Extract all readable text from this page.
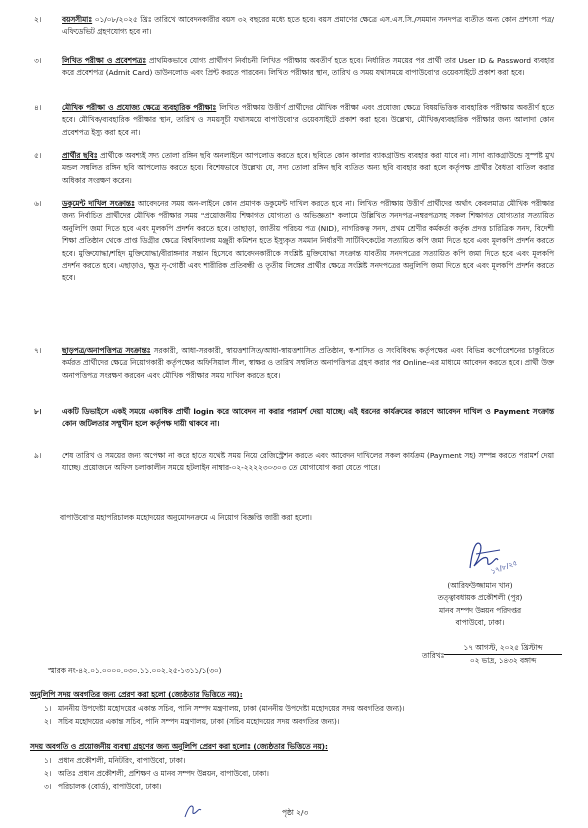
২।	বয়সসীমাঃ ০১/০৮/২০২৫ খ্রিঃ তারিখে আবেদনকারীর বয়স ৩২ বছরের মধ্যে হতে হবে। বয়স প্রমাণের ক্ষেত্রে এস.এস.সি./সমমান সনদপত্র ব্যতীত অন্য কোন প্রশংসা পত্র/এফিডেভিট গ্রহণযোগ্য হবে না।
৩।	লিখিত পরীক্ষা ও প্রবেশপত্রঃ প্রাথমিকভাবে যোগ্য প্রার্থীগণ নির্বাচনী লিখিত পরীক্ষায় অবতীর্ণ হতে হবে। নির্ধারিত সময়ের পর প্রার্থী তার User ID & Password ব্যবহার করে প্রবেশপত্র (Admit Card) ডাউনলোড এবং প্রিন্ট করতে পারবেন। লিখিত পরীক্ষার স্থান, তারিখ ও সময় যথাসময়ে বাপাউবো'র ওয়েবসাইটে প্রকাশ করা হবে।
৪।	মৌখিক পরীক্ষা ও প্রযোজ্য ক্ষেত্রে ব্যবহারিক পরীক্ষাঃ লিখিত পরীক্ষায় উত্তীর্ণ প্রার্থীদের মৌখিক পরীক্ষা এবং প্রযোজ্য ক্ষেত্রে বিষয়ভিত্তিক ব্যবহারিক পরীক্ষায় অবতীর্ণ হতে হবে। মৌখিক/ব্যবহারিক পরীক্ষার স্থান, তারিখ ও সময়সূচী যথাসময়ে বাপাউবো'র ওয়েবসাইটে প্রকাশ করা হবে। উল্লেখ্য, মৌখিক/ব্যবহারিক পরীক্ষার জন্য আলাদা কোন প্রবেশপত্র ইস্যু করা হবে না।
৫।	প্রার্থীর ছবিঃ প্রার্থীকে অবশ্যই সদ্য তোলা রঙ্গিন ছবি অনলাইনে আপলোড করতে হবে। ছবিতে কোন কালার ব্যাকগ্রাউন্ড ব্যবহার করা যাবে না। সাদা ব্যাকগ্রাউন্ডে সুস্পষ্ট মুখ মন্ডল সম্বলিত রঙ্গিন ছবি আপলোড করতে হবে। বিশেষভাবে উল্লেখ্য যে, সদ্য তোলা রঙ্গিন ছবি ব্যতিত অন্য ছবি ব্যবহার করা হলে কর্তৃপক্ষ প্রার্থীর বৈধতা বাতিল করার অধিকার সংরক্ষণ করেন।
৬।	ডকুমেন্ট দাখিল সংক্রান্তঃ আবেদনের সময় অন-লাইনে কোন প্রমাণক ডকুমেন্ট দাখিল করতে হবে না। লিখিত পরীক্ষায় উত্তীর্ণ প্রার্থীদের অর্থাৎ কেবলমাত্র মৌখিক পরীক্ষার জন্য নির্বাচিত প্রার্থীদের মৌখিক পরীক্ষার সময় "প্রয়োজনীয় শিক্ষাগত যোগ্যতা ও অভিজ্ঞতা" কলামে উল্লিখিত সনদপত্র-নম্বরপত্রসহ সকল শিক্ষাগত যোগ্যতার সত্যায়িত অনুলিপি জমা দিতে হবে এবং মূলকপি প্রদর্শন করতে হবে। তাছাড়া, জাতীয় পরিচয় পত্র (NID), নাগরিকত্ব সনদ, প্রথম শ্রেণীর কর্মকর্তা কর্তৃক প্রদত্ত চারিত্রিক সনদ, বিদেশী শিক্ষা প্রতিষ্ঠান থেকে প্রাপ্ত ডিগ্রীর ক্ষেত্রে বিশ্ববিদ্যালয় মঞ্জুরী কমিশন হতে ইস্যুকৃত সমমান নির্ধারণী সার্টিফিকেটের সত্যায়িত কপি জমা দিতে হবে এবং মূলকপি প্রদর্শন করতে হবে। মুক্তিযোদ্ধা/শহিদ মুক্তিযোদ্ধা/বীরাঙ্গনার সন্তান হিসেবে আবেদনকারীকে সংশ্লিষ্ট মুক্তিযোদ্ধা সংক্রান্ত যাবতীয় সনদপত্রের সত্যায়িত কপি জমা দিতে হবে এবং মূলকপি প্রদর্শন করতে হবে। এছাড়াও, ক্ষুদ্র নৃ-গোষ্ঠী এবং শারীরিক প্রতিবন্ধী ও তৃতীয় লিঙ্গের প্রার্থীর ক্ষেত্রে সংশ্লিষ্ট সনদপত্রের অনুলিপি জমা দিতে হবে এবং মূলকপি প্রদর্শন করতে হবে।
৭।	ছাড়পত্র/অনাপত্তিপত্র সংক্রান্তঃ সরকারী, আধা-সরকারী, স্বায়ত্তশাসিত/আধা-স্বায়ত্তশাসিত প্রতিষ্ঠান, স্ব-শাসিত ও সংবিধিবদ্ধ কর্তৃপক্ষের এবং বিভিন্ন কর্পোরেশনের চাকুরিতে কর্মরত প্রার্থীদের ক্ষেত্রে নিয়োগকারী কর্তৃপক্ষের অফিসিয়াল সীল, স্বাক্ষর ও তারিখ সম্বলিত অনাপত্তিপত্র গ্রহণ করার পর Online-এর মাধ্যমে আবেদন করতে হবে। প্রার্থী উক্ত অনাপত্তিপত্র সংরক্ষণ করবেন এবং মৌখিক পরীক্ষার সময় দাখিল করতে হবে।
৮।	একটি ডিভাইসে একই সময়ে একাধিক প্রার্থী login করে আবেদন না করার পরামর্শ দেয়া যাচ্ছে। এই ধরনের কার্যক্রমের কারণে আবেদন দাখিল ও Payment সংক্রান্ত কোন জটিলতার সম্মুখীন হলে কর্তৃপক্ষ দায়ী থাকবে না।
৯।	শেষ তারিখ ও সময়ের জন্য অপেক্ষা না করে হাতে যথেষ্ট সময় নিয়ে রেজিস্ট্রেশন করতে এবং আবেদন দাখিলের সকল কার্যক্রম (Payment সহ) সম্পন্ন করতে পরামর্শ দেয়া যাচ্ছে। প্রয়োজনে অফিস চলাকালীন সময়ে হটলাইন নাম্বার-০২-২২২২৩০৩০৩ তে যোগাযোগ করা যেতে পারে।
বাপাউবো'র মহাপরিচালক মহোদয়ের অনুমোদনক্রমে এ নিয়োগ বিজ্ঞপ্তি জারী করা হলো।
১৭/৮/২৫
(আরিফউজ্জামান খান)
তত্ত্বাবধায়ক প্রকৌশলী (পুর)
মানব সম্পদ উন্নয়ন পরিদপ্তর
বাপাউবো, ঢাকা।
স্মারক নং-৪২.০১.০০০০.০৩০.১১.০০২.২৫-১৩১১/১(৩০)
তারিখঃ
১৭ আগস্ট, ২০২৫ খ্রিস্টাব্দ
০২ ভাদ্র, ১৪৩২ বঙ্গাব্দ
অনুলিপি সদয় অবগতির জন্য প্রেরণ করা হলো (জ্যেষ্ঠতার ভিত্তিতে নয়):
১। মাননীয় উপদেষ্টা মহোদয়ের একান্ত সচিব, পানি সম্পদ মন্ত্রণালয়, ঢাকা (মাননীয় উপদেষ্টা মহোদয়ের সদয় অবগতির জন্য)।
২। সচিব মহোদয়ের একান্ত সচিব, পানি সম্পদ মন্ত্রণালয়, ঢাকা (সচিব মহোদয়ের সদয় অবগতির জন্য)।
সদয় অবগতি ও প্রয়োজনীয় ব্যবস্থা গ্রহণের জন্য অনুলিপি প্রেরণ করা হলোঃ (জ্যেষ্ঠতার ভিত্তিতে নয়):
১। প্রধান প্রকৌশলী, মনিটরিং, বাপাউবো, ঢাকা।
২। অতিঃ প্রধান প্রকৌশলী, প্রশিক্ষণ ও মানব সম্পদ উন্নয়ন, বাপাউবো, ঢাকা।
৩। পরিচালক (বোর্ড), বাপাউবো, ঢাকা।
পৃষ্ঠা ২/৩
